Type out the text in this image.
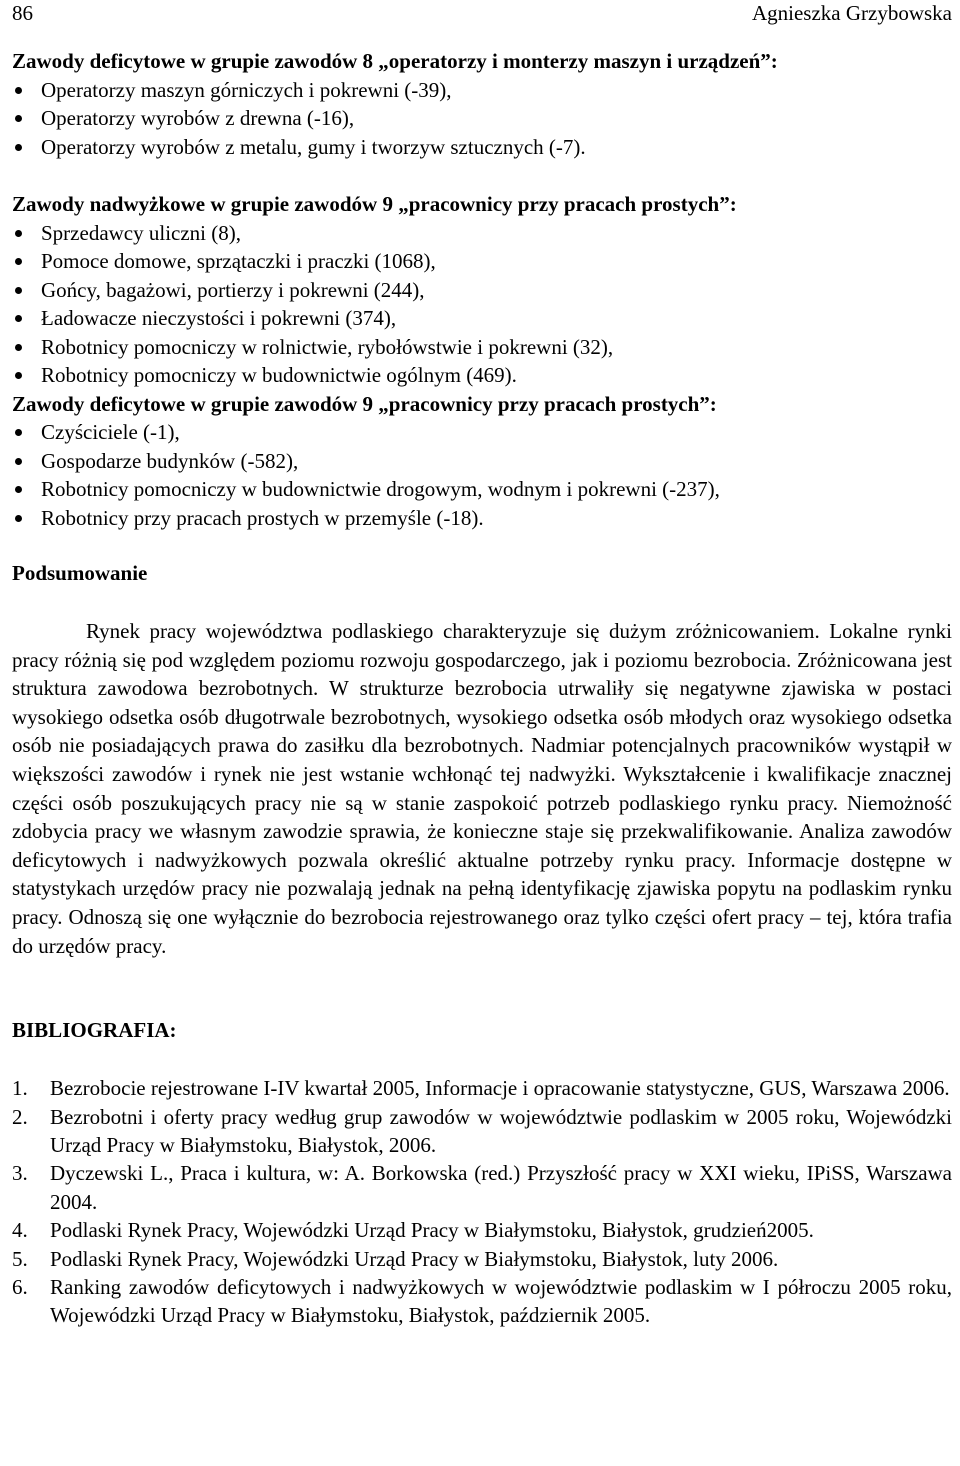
86	Agnieszka Grzybowska
Zawody deficytowe w grupie zawodów 8 „operatorzy i monterzy maszyn i urządzeń”:
Operatorzy maszyn górniczych i pokrewni (-39),
Operatorzy wyrobów z drewna (-16),
Operatorzy wyrobów z metalu, gumy i tworzyw sztucznych (-7).
Zawody nadwyżkowe w grupie zawodów 9 „pracownicy przy pracach prostych”:
Sprzedawcy uliczni (8),
Pomoce domowe, sprzątaczki i praczki (1068),
Gońcy, bagażowi, portierzy i pokrewni (244),
Ładowacze nieczystości i pokrewni (374),
Robotnicy pomocniczy w rolnictwie, rybołówstwie i pokrewni (32),
Robotnicy pomocniczy w budownictwie ogólnym (469).
Zawody deficytowe w grupie zawodów 9 „pracownicy przy pracach prostych”:
Czyściciele (-1),
Gospodarze budynków (-582),
Robotnicy pomocniczy w budownictwie drogowym, wodnym i pokrewni (-237),
Robotnicy przy pracach prostych w przemyśle (-18).
Podsumowanie

Rynek pracy województwa podlaskiego charakteryzuje się dużym zróżnicowaniem. Lokalne rynki pracy różnią się pod względem poziomu rozwoju gospodarczego, jak i poziomu bezrobocia. Zróżnicowana jest struktura zawodowa bezrobotnych. W strukturze bezrobocia utrwaliły się negatywne zjawiska w postaci wysokiego odsetka osób długotrwale bezrobotnych, wysokiego odsetka osób młodych oraz wysokiego odsetka osób nie posiadających prawa do zasiłku dla bezrobotnych. Nadmiar potencjalnych pracowników wystąpił w większości zawodów i rynek nie jest wstanie wchłonąć tej nadwyżki. Wykształcenie i kwalifikacje znacznej części osób poszukujących pracy nie są w stanie zaspokoić potrzeb podlaskiego rynku pracy. Niemożność zdobycia pracy we własnym zawodzie sprawia, że konieczne staje się przekwalifikowanie. Analiza zawodów deficytowych i nadwyżkowych pozwala określić aktualne potrzeby rynku pracy. Informacje dostępne w statystykach urzędów pracy nie pozwalają jednak na pełną identyfikację zjawiska popytu na podlaskim rynku pracy. Odnoszą się one wyłącznie do bezrobocia rejestrowanego oraz tylko części ofert pracy – tej, która trafia do urzędów pracy.

BIBLIOGRAFIA:
1. Bezrobocie rejestrowane I-IV kwartał 2005, Informacje i opracowanie statystyczne, GUS, Warszawa 2006.
2. Bezrobotni i oferty pracy według grup zawodów w województwie podlaskim w 2005 roku, Wojewódzki Urząd Pracy w Białymstoku, Białystok, 2006.
3. Dyczewski L., Praca i kultura, w: A. Borkowska (red.) Przyszłość pracy w XXI wieku, IPiSS, Warszawa 2004.
4. Podlaski Rynek Pracy, Wojewódzki Urząd Pracy w Białymstoku, Białystok, grudzień2005.
5. Podlaski Rynek Pracy, Wojewódzki Urząd Pracy w Białymstoku, Białystok, luty 2006.
6. Ranking zawodów deficytowych i nadwyżkowych w województwie podlaskim w I półroczu 2005 roku, Wojewódzki Urząd Pracy w Białymstoku, Białystok, październik 2005.
